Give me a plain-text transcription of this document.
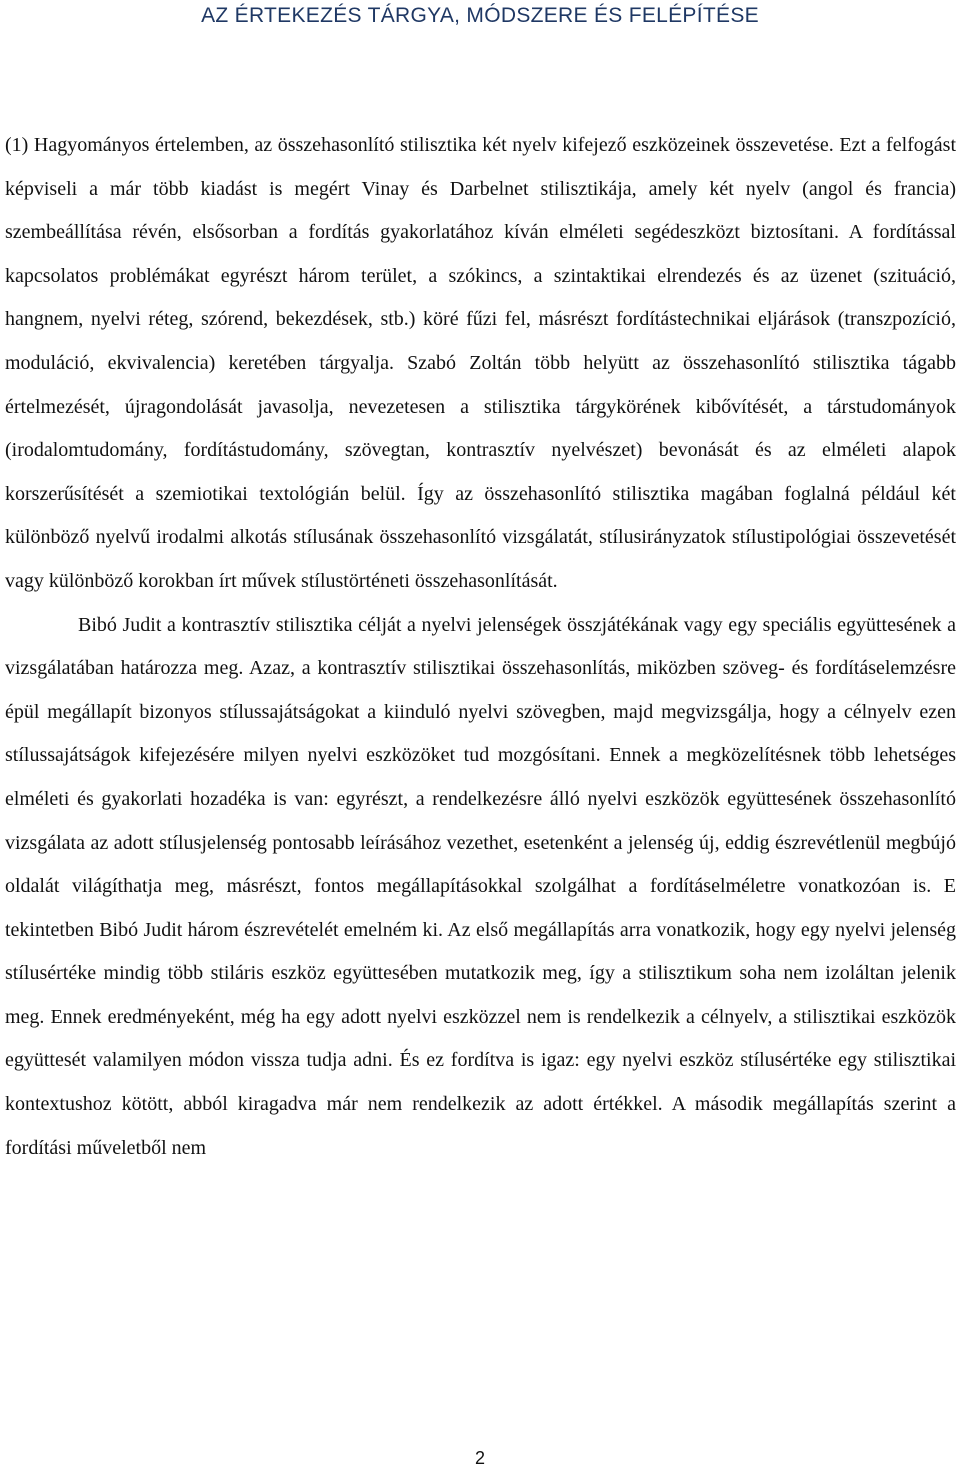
AZ ÉRTEKEZÉS TÁRGYA, MÓDSZERE ÉS FELÉPÍTÉSE

(1) Hagyományos értelemben, az összehasonlító stilisztika két nyelv kifejező eszközeinek összevetése. Ezt a felfogást képviseli a már több kiadást is megért Vinay és Darbelnet stilisztikája, amely két nyelv (angol és francia) szembeállítása révén, elsősorban a fordítás gyakorlatához kíván elméleti segédeszközt biztosítani. A fordítással kapcsolatos problémákat egyrészt három terület, a szókincs, a szintaktikai elrendezés és az üzenet (szituáció, hangnem, nyelvi réteg, szórend, bekezdések, stb.) köré fűzi fel, másrészt fordítástechnikai eljárások (transzpozíció, moduláció, ekvivalencia) keretében tárgyalja. Szabó Zoltán több helyütt az összehasonlító stilisztika tágabb értelmezését, újragondolását javasolja, nevezetesen a stilisztika tárgykörének kibővítését, a társtudományok (irodalomtudomány, fordítástudomány, szövegtan, kontrasztív nyelvészet) bevonását és az elméleti alapok korszerűsítését a szemiotikai textológián belül. Így az összehasonlító stilisztika magában foglalná például két különböző nyelvű irodalmi alkotás stílusának összehasonlító vizsgálatát, stílusirányzatok stílustipológiai összevetését vagy különböző korokban írt művek stílustörténeti összehasonlítását.

Bibó Judit a kontrasztív stilisztika célját a nyelvi jelenségek összjátékának vagy egy speciális együttesének a vizsgálatában határozza meg. Azaz, a kontrasztív stilisztikai összehasonlítás, miközben szöveg- és fordításelemzésre épül megállapít bizonyos stílussajátságokat a kiinduló nyelvi szövegben, majd megvizsgálja, hogy a célnyelv ezen stílussajátságok kifejezésére milyen nyelvi eszközöket tud mozgósítani. Ennek a megközelítésnek több lehetséges elméleti és gyakorlati hozadéka is van: egyrészt, a rendelkezésre álló nyelvi eszközök együttesének összehasonlító vizsgálata az adott stílusjelenség pontosabb leírásához vezethet, esetenként a jelenség új, eddig észrevétlenül megbújó oldalát világíthatja meg, másrészt, fontos megállapításokkal szolgálhat a fordításelméletre vonatkozóan is. E tekintetben Bibó Judit három észrevételét emelném ki. Az első megállapítás arra vonatkozik, hogy egy nyelvi jelenség stílusértéke mindig több stiláris eszköz együttesében mutatkozik meg, így a stilisztikum soha nem izoláltan jelenik meg. Ennek eredményeként, még ha egy adott nyelvi eszközzel nem is rendelkezik a célnyelv, a stilisztikai eszközök együttesét valamilyen módon vissza tudja adni. És ez fordítva is igaz: egy nyelvi eszköz stílusértéke egy stilisztikai kontextushoz kötött, abból kiragadva már nem rendelkezik az adott értékkel. A második megállapítás szerint a fordítási műveletből nem

2
